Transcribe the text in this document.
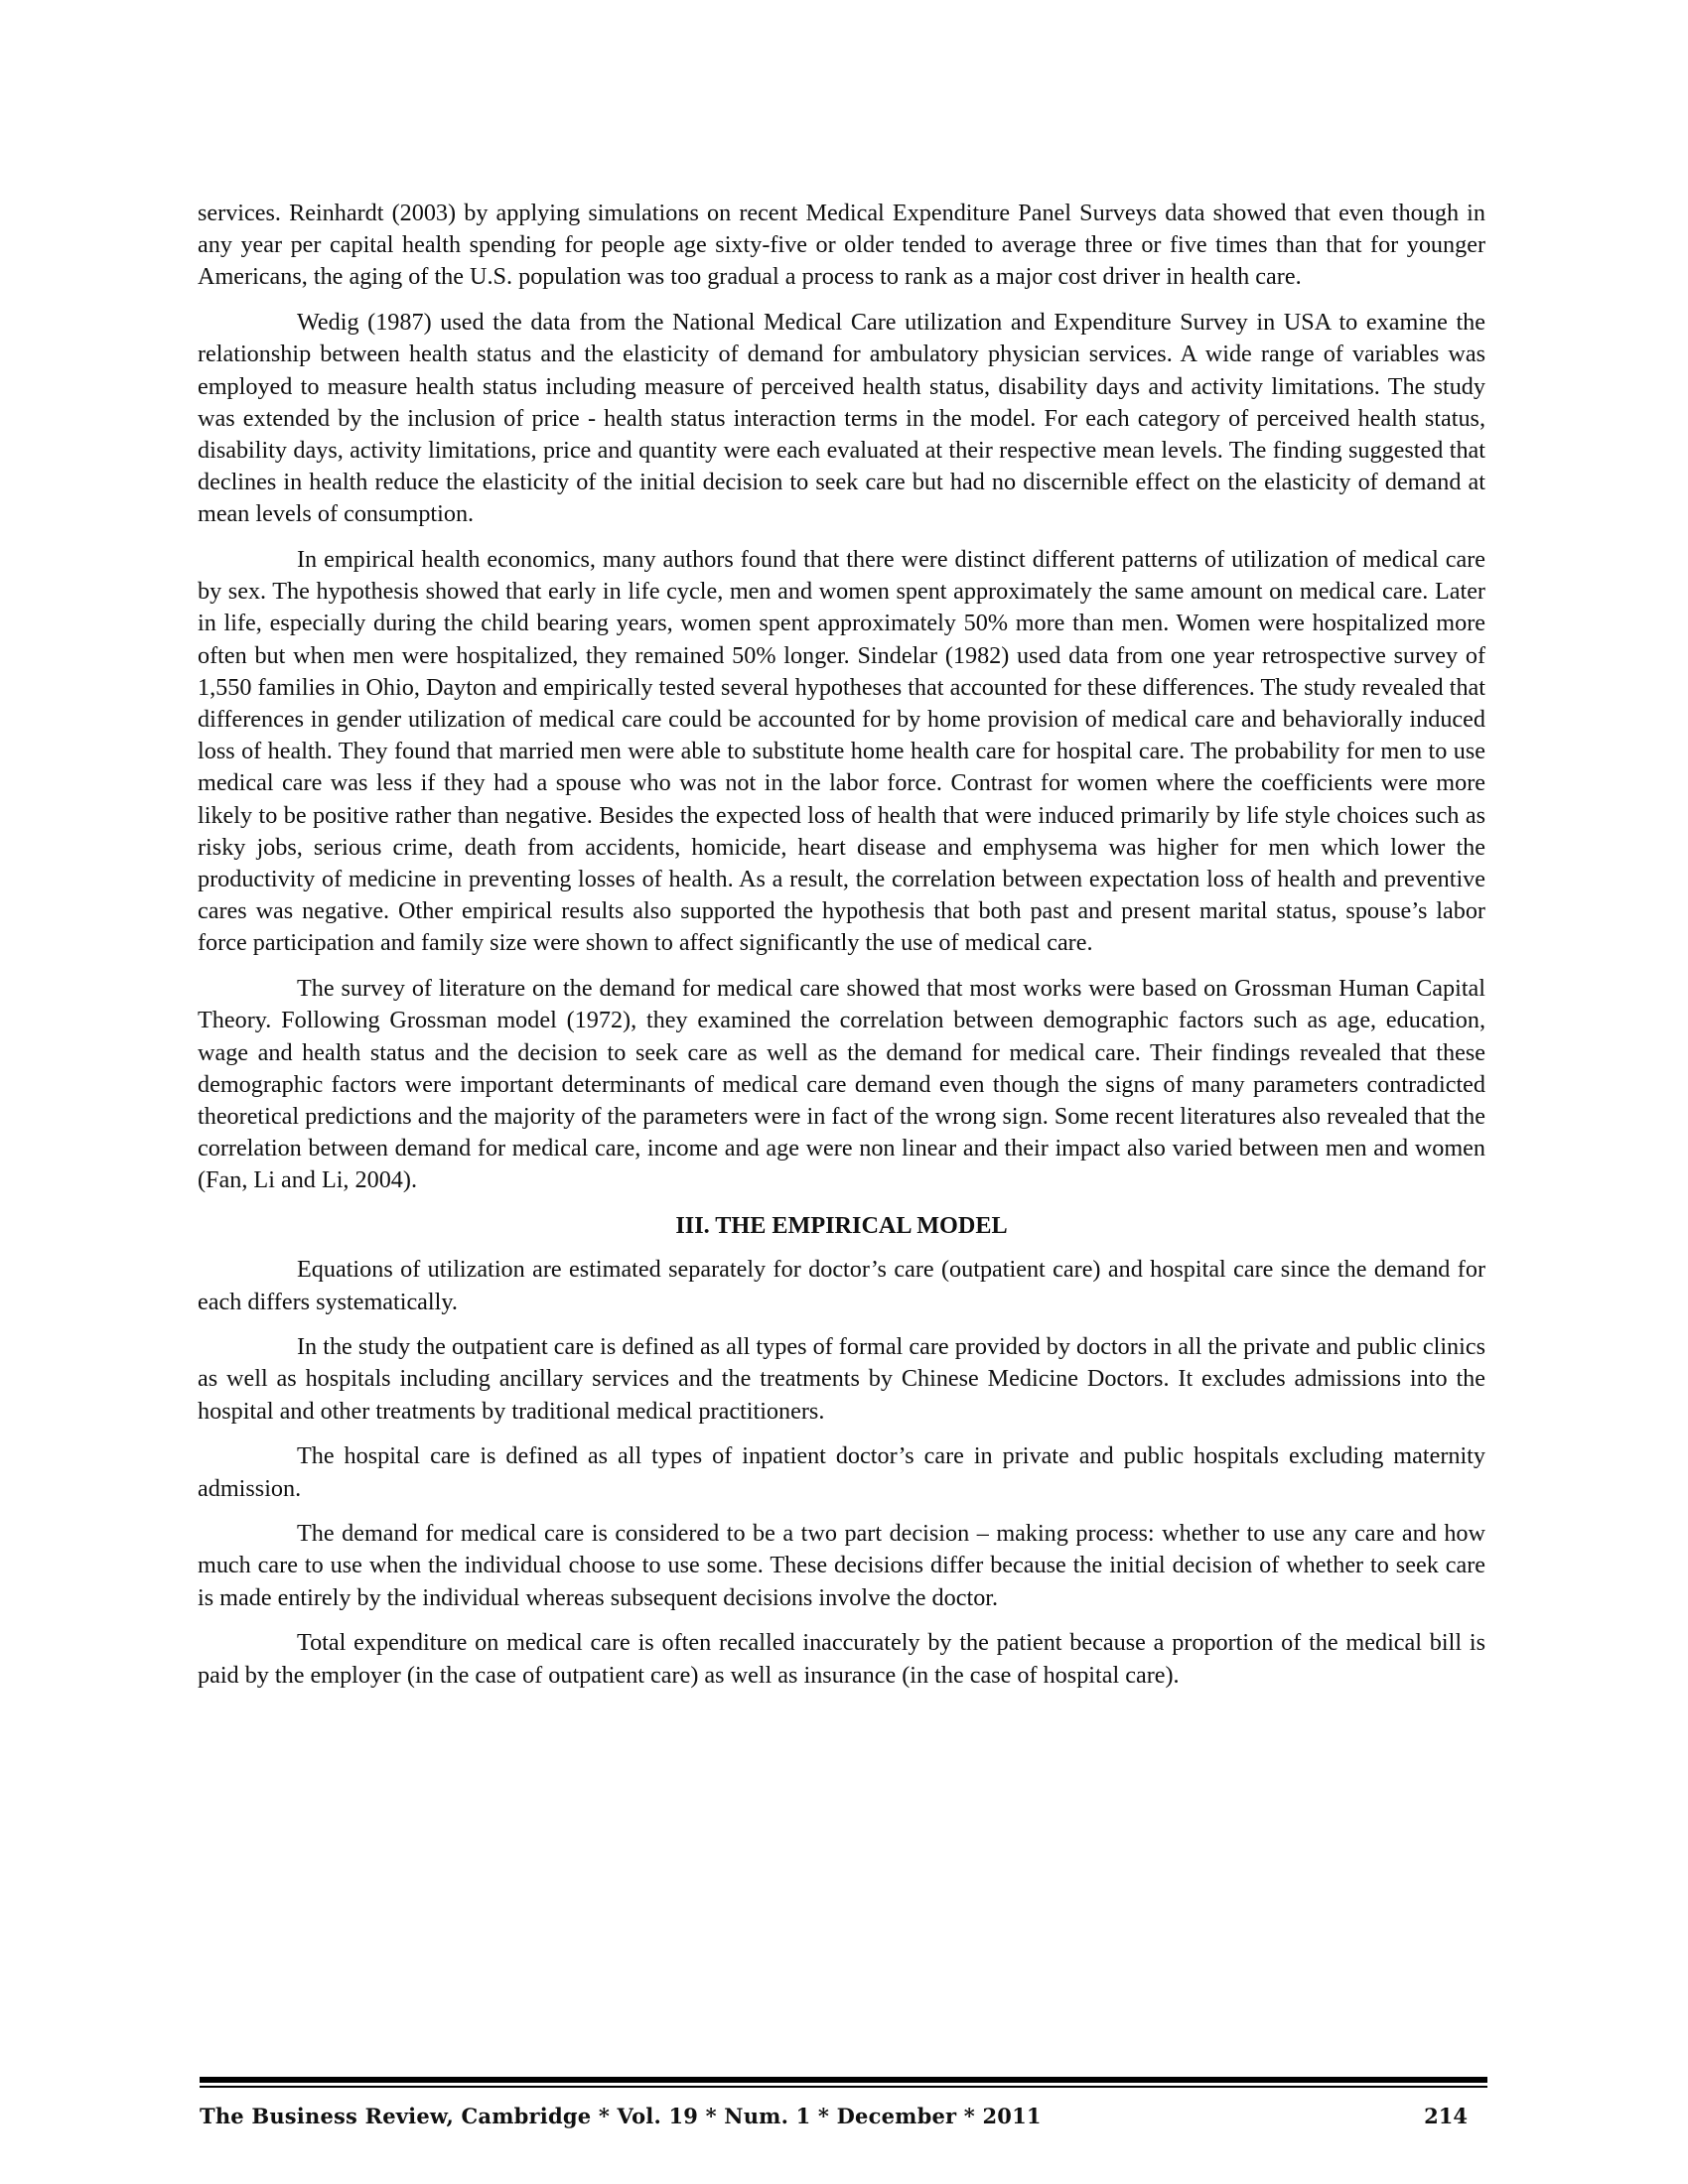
services. Reinhardt (2003) by applying simulations on recent Medical Expenditure Panel Surveys data showed that even though in any year per capital health spending for people age sixty-five or older tended to average three or five times than that for younger Americans, the aging of the U.S. population was too gradual a process to rank as a major cost driver in health care.

Wedig (1987) used the data from the National Medical Care utilization and Expenditure Survey in USA to examine the relationship between health status and the elasticity of demand for ambulatory physician services. A wide range of variables was employed to measure health status including measure of perceived health status, disability days and activity limitations. The study was extended by the inclusion of price - health status interaction terms in the model. For each category of perceived health status, disability days, activity limitations, price and quantity were each evaluated at their respective mean levels. The finding suggested that declines in health reduce the elasticity of the initial decision to seek care but had no discernible effect on the elasticity of demand at mean levels of consumption.

In empirical health economics, many authors found that there were distinct different patterns of utilization of medical care by sex. The hypothesis showed that early in life cycle, men and women spent approximately the same amount on medical care. Later in life, especially during the child bearing years, women spent approximately 50% more than men. Women were hospitalized more often but when men were hospitalized, they remained 50% longer. Sindelar (1982) used data from one year retrospective survey of 1,550 families in Ohio, Dayton and empirically tested several hypotheses that accounted for these differences. The study revealed that differences in gender utilization of medical care could be accounted for by home provision of medical care and behaviorally induced loss of health. They found that married men were able to substitute home health care for hospital care. The probability for men to use medical care was less if they had a spouse who was not in the labor force. Contrast for women where the coefficients were more likely to be positive rather than negative. Besides the expected loss of health that were induced primarily by life style choices such as risky jobs, serious crime, death from accidents, homicide, heart disease and emphysema was higher for men which lower the productivity of medicine in preventing losses of health. As a result, the correlation between expectation loss of health and preventive cares was negative. Other empirical results also supported the hypothesis that both past and present marital status, spouse’s labor force participation and family size were shown to affect significantly the use of medical care.

The survey of literature on the demand for medical care showed that most works were based on Grossman Human Capital Theory. Following Grossman model (1972), they examined the correlation between demographic factors such as age, education, wage and health status and the decision to seek care as well as the demand for medical care. Their findings revealed that these demographic factors were important determinants of medical care demand even though the signs of many parameters contradicted theoretical predictions and the majority of the parameters were in fact of the wrong sign. Some recent literatures also revealed that the correlation between demand for medical care, income and age were non linear and their impact also varied between men and women (Fan, Li and Li, 2004).

III. THE EMPIRICAL MODEL

Equations of utilization are estimated separately for doctor’s care (outpatient care) and hospital care since the demand for each differs systematically.

In the study the outpatient care is defined as all types of formal care provided by doctors in all the private and public clinics as well as hospitals including ancillary services and the treatments by Chinese Medicine Doctors. It excludes admissions into the hospital and other treatments by traditional medical practitioners.

The hospital care is defined as all types of inpatient doctor’s care in private and public hospitals excluding maternity admission.

The demand for medical care is considered to be a two part decision – making process: whether to use any care and how much care to use when the individual choose to use some. These decisions differ because the initial decision of whether to seek care is made entirely by the individual whereas subsequent decisions involve the doctor.

Total expenditure on medical care is often recalled inaccurately by the patient because a proportion of the medical bill is paid by the employer (in the case of outpatient care) as well as insurance (in the case of hospital care).

The Business Review, Cambridge * Vol. 19 * Num. 1 * December * 2011	214
